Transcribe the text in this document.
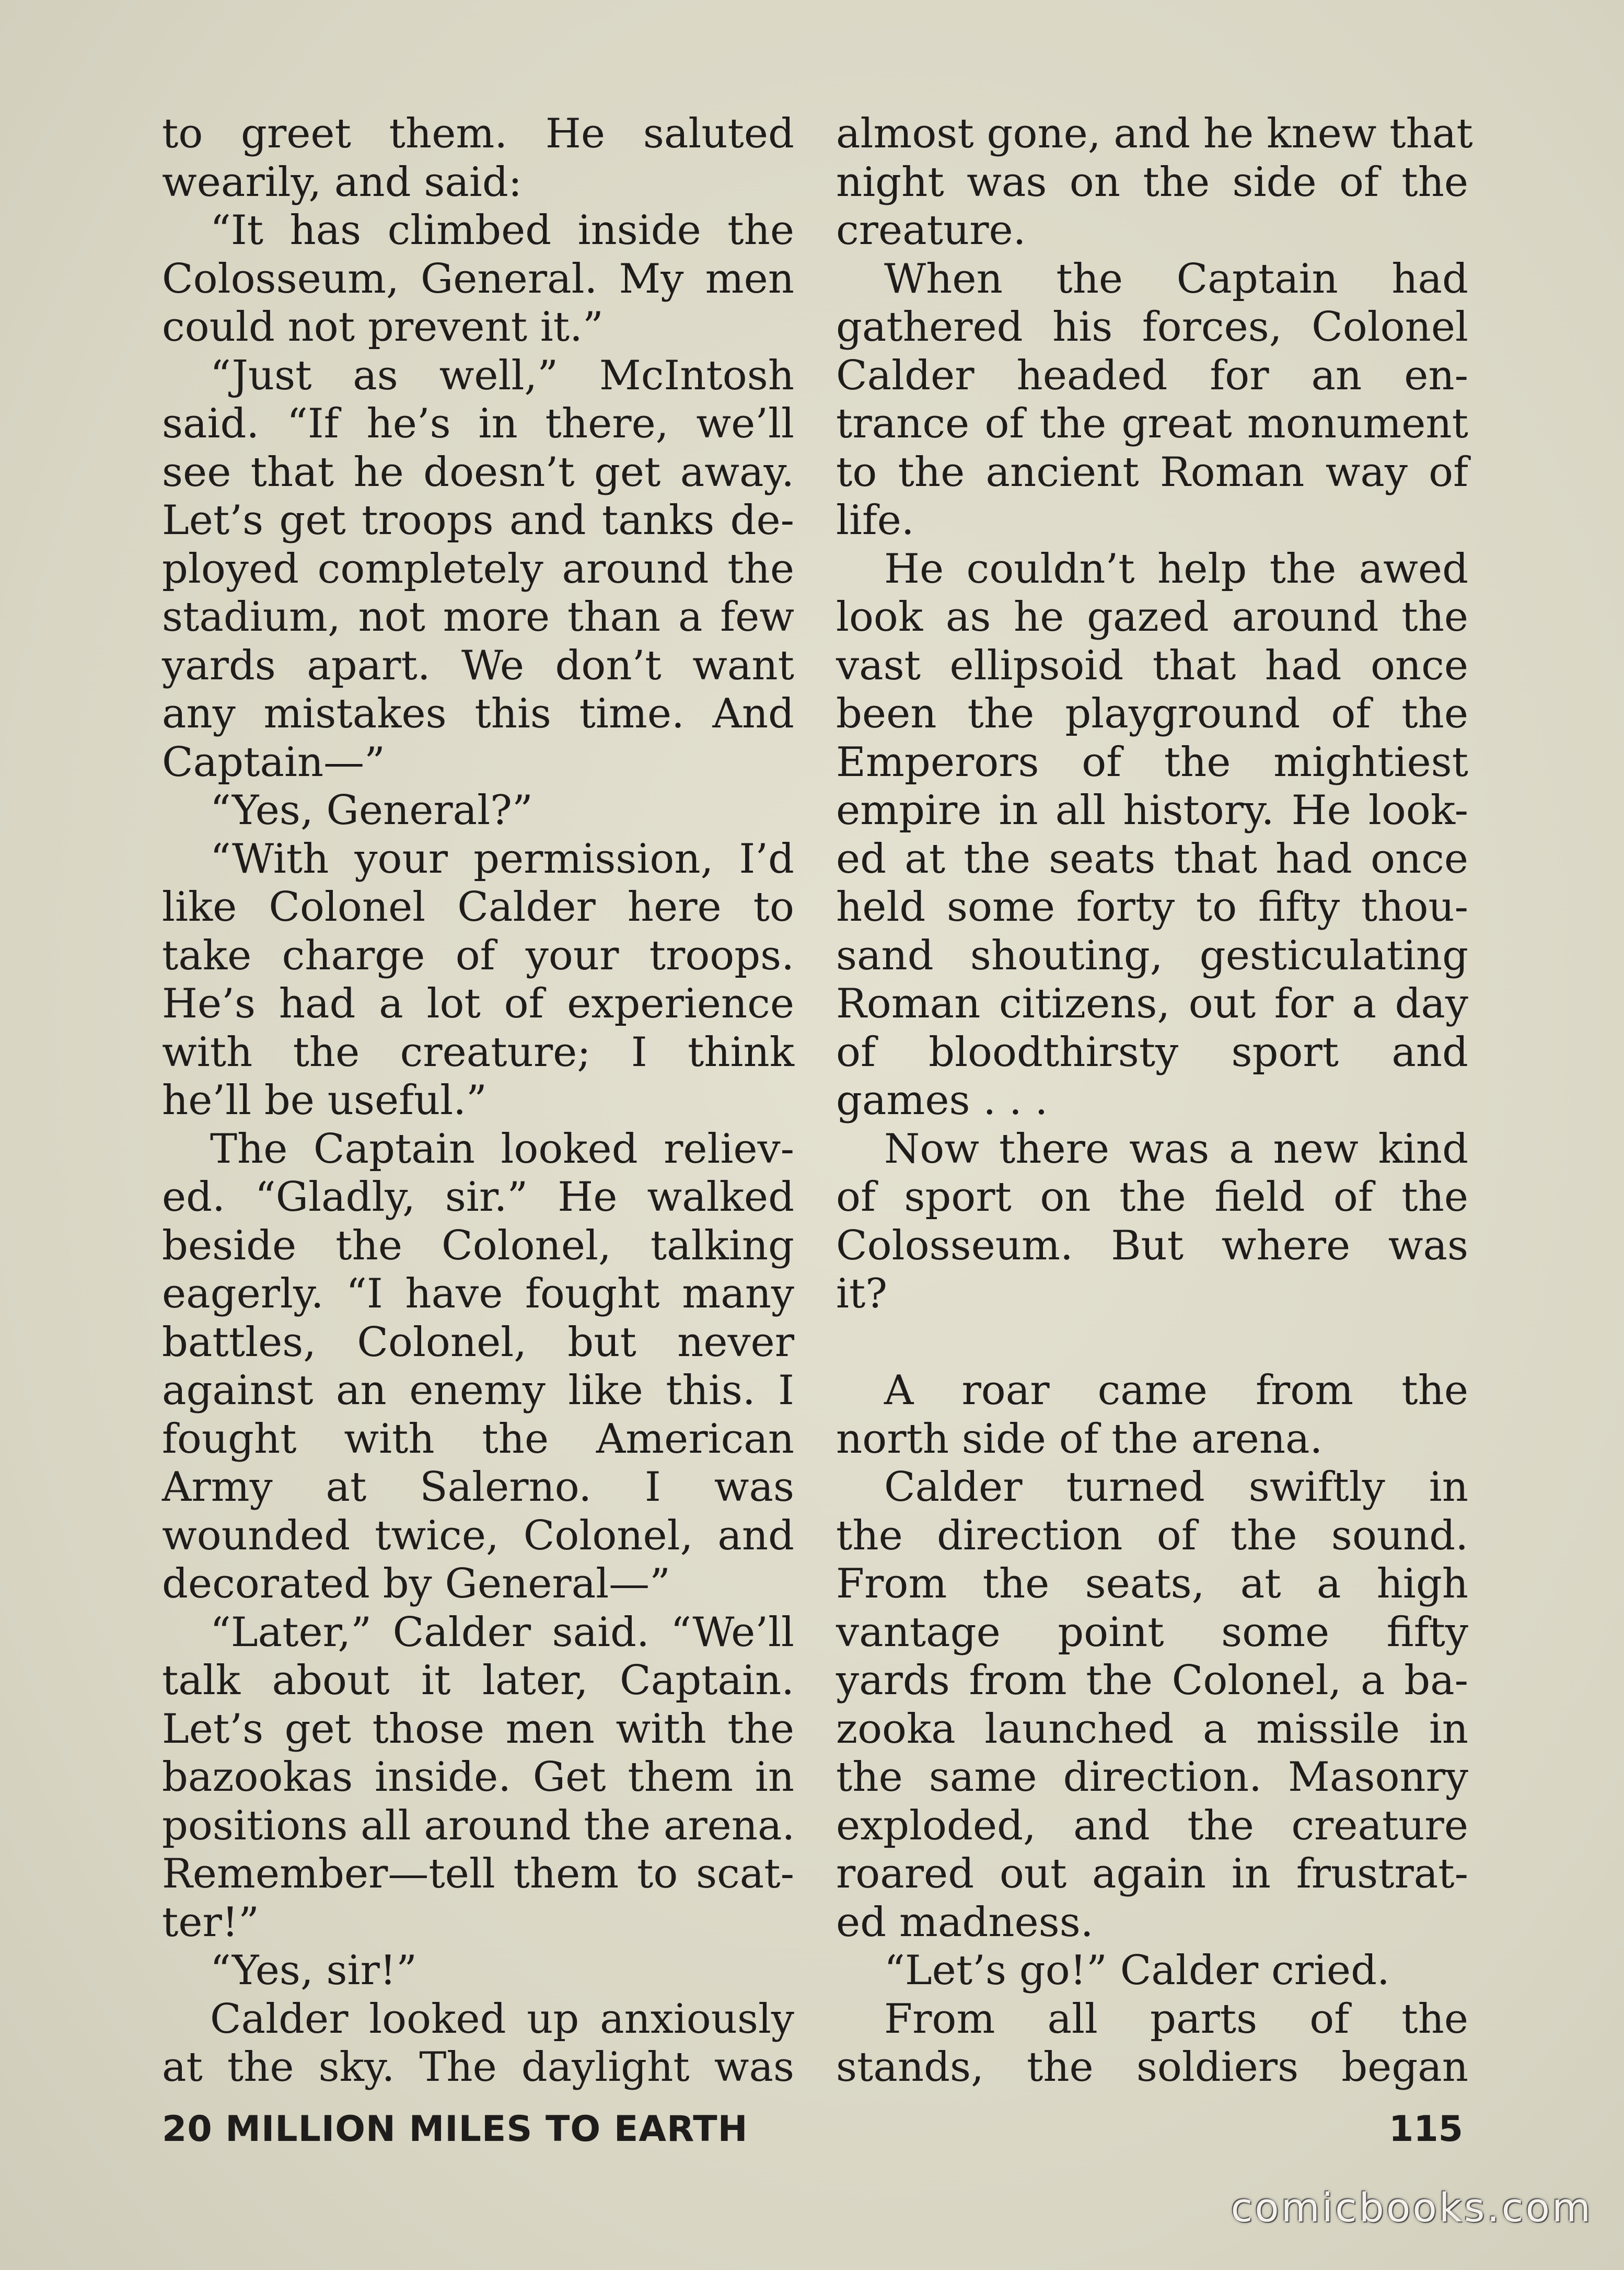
to greet them. He saluted
wearily, and said:
“It has climbed inside the
Colosseum, General. My men
could not prevent it.”
“Just as well,” McIntosh
said. “If he’s in there, we’ll
see that he doesn’t get away.
Let’s get troops and tanks de-
ployed completely around the
stadium, not more than a few
yards apart. We don’t want
any mistakes this time. And
Captain—”
“Yes, General?”
“With your permission, I’d
like Colonel Calder here to
take charge of your troops.
He’s had a lot of experience
with the creature; I think
he’ll be useful.”
The Captain looked reliev-
ed. “Gladly, sir.” He walked
beside the Colonel, talking
eagerly. “I have fought many
battles, Colonel, but never
against an enemy like this. I
fought with the American
Army at Salerno. I was
wounded twice, Colonel, and
decorated by General—”
“Later,” Calder said. “We’ll
talk about it later, Captain.
Let’s get those men with the
bazookas inside. Get them in
positions all around the arena.
Remember—tell them to scat-
ter!”
“Yes, sir!”
Calder looked up anxiously
at the sky. The daylight was
almost gone, and he knew that
night was on the side of the
creature.
When the Captain had
gathered his forces, Colonel
Calder headed for an en-
trance of the great monument
to the ancient Roman way of
life.
He couldn’t help the awed
look as he gazed around the
vast ellipsoid that had once
been the playground of the
Emperors of the mightiest
empire in all history. He look-
ed at the seats that had once
held some forty to fifty thou-
sand shouting, gesticulating
Roman citizens, out for a day
of bloodthirsty sport and
games . . .
Now there was a new kind
of sport on the field of the
Colosseum. But where was
it?
A roar came from the
north side of the arena.
Calder turned swiftly in
the direction of the sound.
From the seats, at a high
vantage point some fifty
yards from the Colonel, a ba-
zooka launched a missile in
the same direction. Masonry
exploded, and the creature
roared out again in frustrat-
ed madness.
“Let’s go!” Calder cried.
From all parts of the
stands, the soldiers began
20 MILLION MILES TO EARTH	115
comicbooks.com
